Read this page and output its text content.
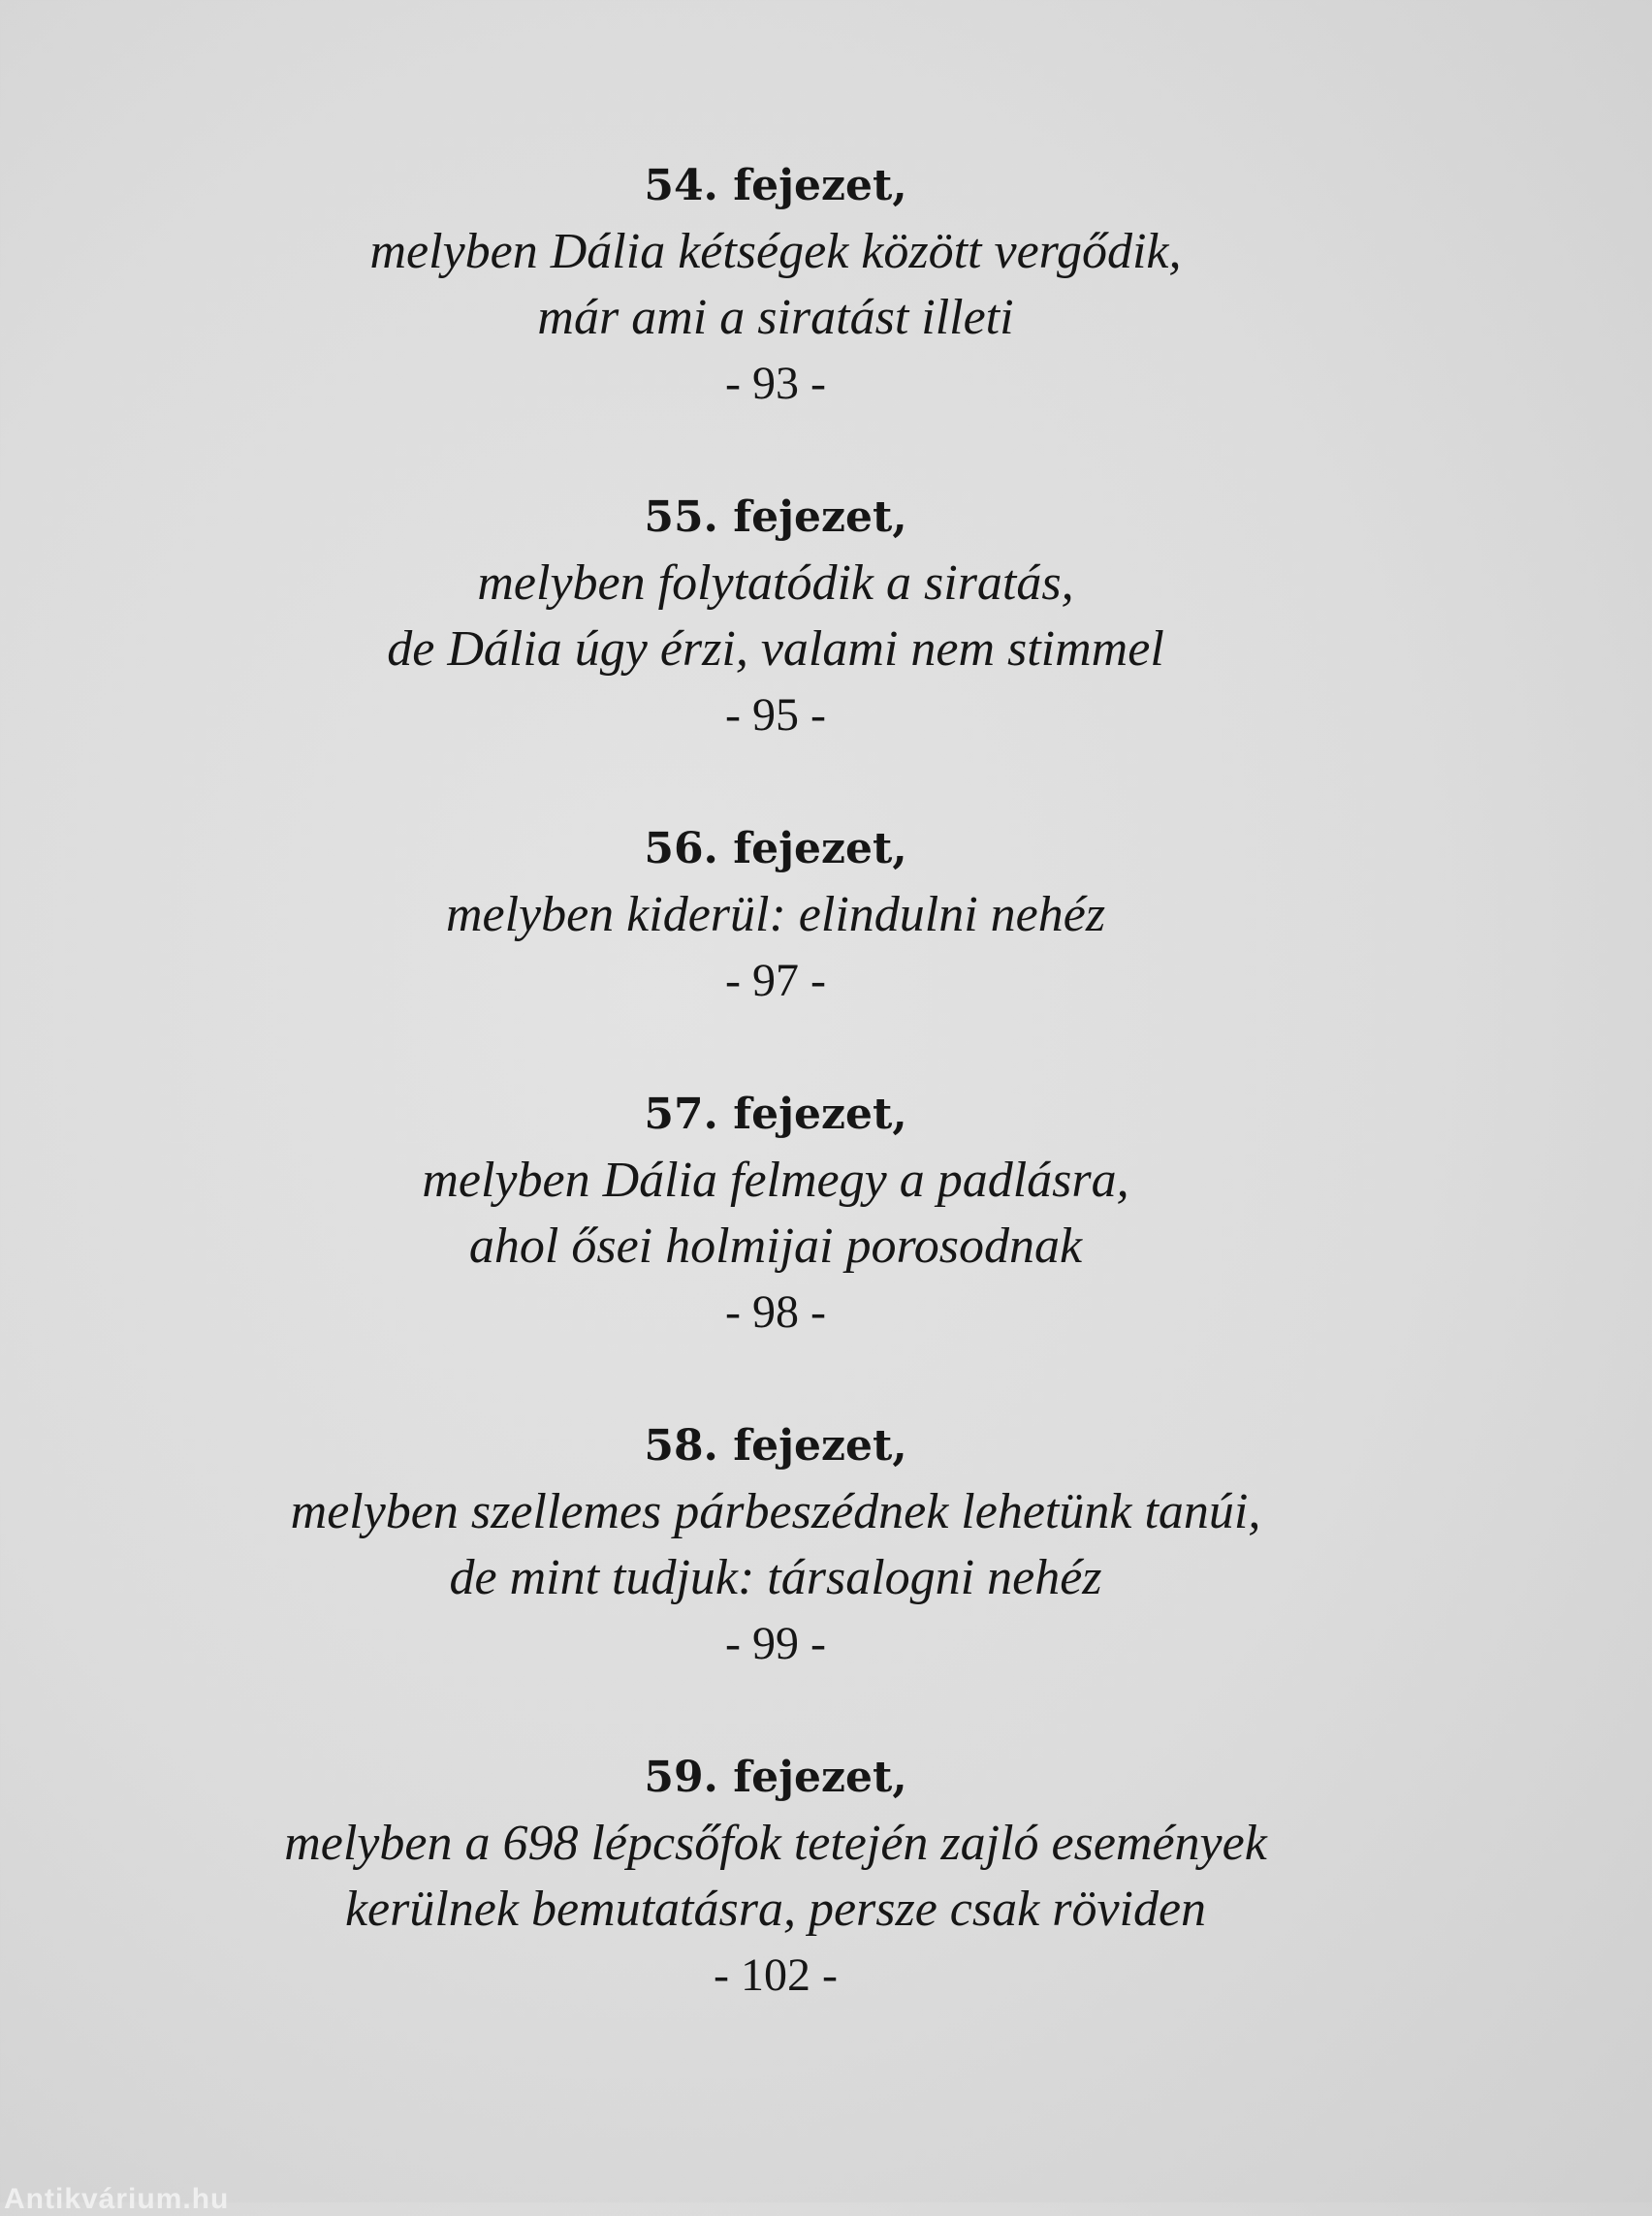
54. fejezet,
melyben Dália kétségek között vergődik,
már ami a siratást illeti
- 93 -
55. fejezet,
melyben folytatódik a siratás,
de Dália úgy érzi, valami nem stimmel
- 95 -
56. fejezet,
melyben kiderül: elindulni nehéz
- 97 -
57. fejezet,
melyben Dália felmegy a padlásra,
ahol ősei holmijai porosodnak
- 98 -
58. fejezet,
melyben szellemes párbeszédnek lehetünk tanúi,
de mint tudjuk: társalogni nehéz
- 99 -
59. fejezet,
melyben a 698 lépcsőfok tetején zajló események
kerülnek bemutatásra, persze csak röviden
- 102 -
Antikvárium.hu
